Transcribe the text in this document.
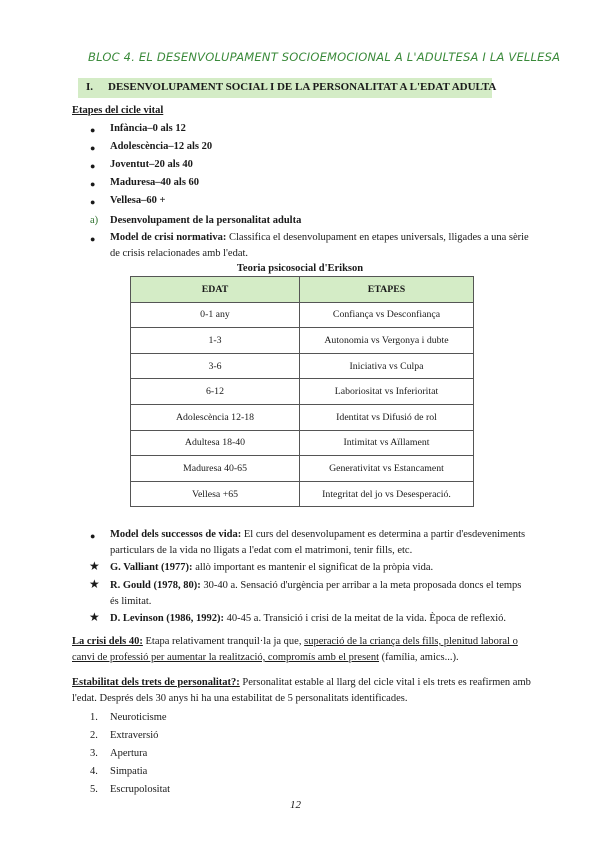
BLOC 4. EL DESENVOLUPAMENT SOCIOEMOCIONAL A L'ADULTESA I LA VELLESA
I. DESENVOLUPAMENT SOCIAL I DE LA PERSONALITAT A L'EDAT ADULTA
Etapes del cicle vital
● Infància–0 als 12
● Adolescència–12 als 20
● Joventut–20 als 40
● Maduresa–40 als 60
● Vellesa–60 +
a) Desenvolupament de la personalitat adulta
● Model de crisi normativa: Classifica el desenvolupament en etapes universals, lligades a una sèrie
de crisis relacionades amb l'edat.
Teoria psicosocial d'Erikson
EDAT	ETAPES
0-1 any	Confiança vs Desconfiança
1-3	Autonomia vs Vergonya i dubte
3-6	Iniciativa vs Culpa
6-12	Laboriositat vs Inferioritat
Adolescència 12-18	Identitat vs Difusió de rol
Adultesa 18-40	Intimitat vs Aïllament
Maduresa 40-65	Generativitat vs Estancament
Vellesa +65	Integritat del jo vs Desesperació.
● Model dels successos de vida: El curs del desenvolupament es determina a partir d'esdeveniments
particulars de la vida no lligats a l'edat com el matrimoni, tenir fills, etc.
★ G. Valliant (1977): allò important es mantenir el significat de la pròpia vida.
★ R. Gould (1978, 80): 30-40 a. Sensació d'urgència per arribar a la meta proposada doncs el temps
és limitat.
★ D. Levinson (1986, 1992): 40-45 a. Transició i crisi de la meitat de la vida. Època de reflexió.
La crisi dels 40: Etapa relativament tranquil·la ja que, superació de la criança dels fills, plenitud laboral o
canvi de professió per aumentar la realització, compromís amb el present (família, amics...).
Estabilitat dels trets de personalitat?: Personalitat estable al llarg del cicle vital i els trets es reafirmen amb
l'edat. Després dels 30 anys hi ha una estabilitat de 5 personalitats identificades.
1. Neuroticisme
2. Extraversió
3. Apertura
4. Simpatia
5. Escrupolositat
12
